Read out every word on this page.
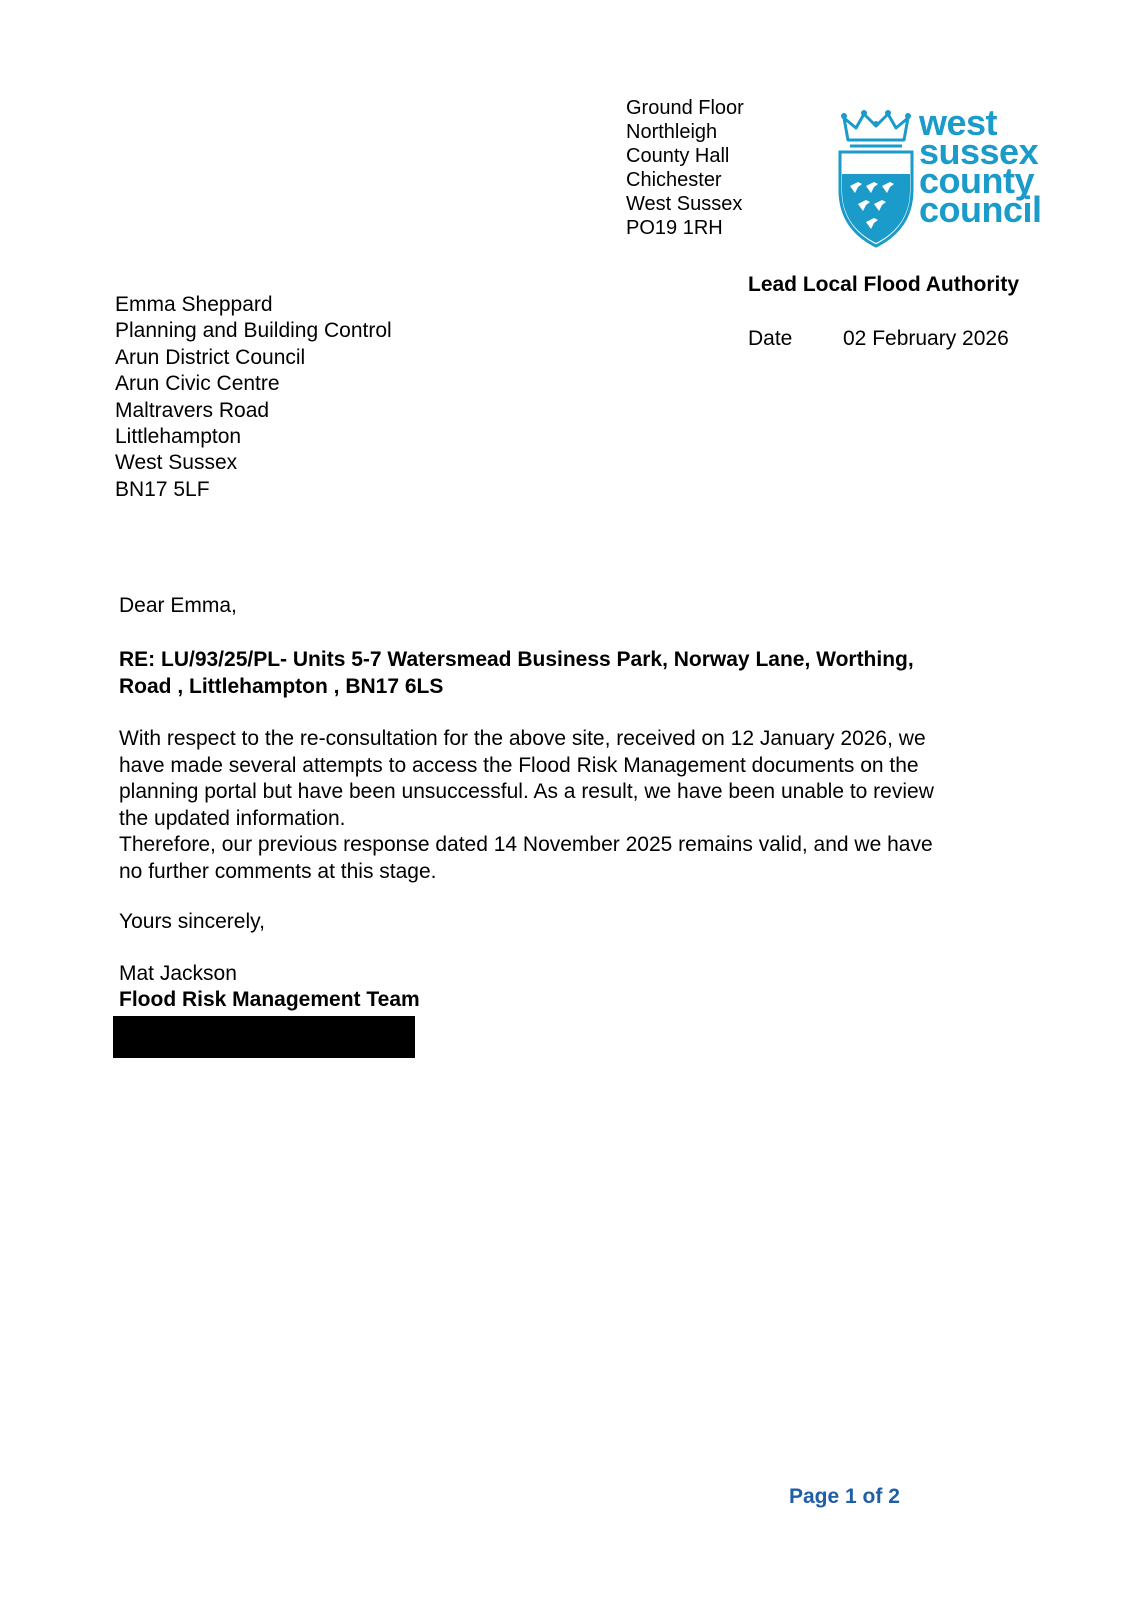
Ground Floor
Northleigh
County Hall
Chichester
West Sussex
PO19 1RH
west
sussex
county
council
Lead Local Flood Authority
Date 02 February 2026
Emma Sheppard
Planning and Building Control
Arun District Council
Arun Civic Centre
Maltravers Road
Littlehampton
West Sussex
BN17 5LF
Dear Emma,
RE: LU/93/25/PL- Units 5-7 Watersmead Business Park, Norway Lane, Worthing,
Road , Littlehampton , BN17 6LS
With respect to the re-consultation for the above site, received on 12 January 2026, we
have made several attempts to access the Flood Risk Management documents on the
planning portal but have been unsuccessful. As a result, we have been unable to review
the updated information.
Therefore, our previous response dated 14 November 2025 remains valid, and we have
no further comments at this stage.
Yours sincerely,
Mat Jackson
Flood Risk Management Team
Page 1 of 2
